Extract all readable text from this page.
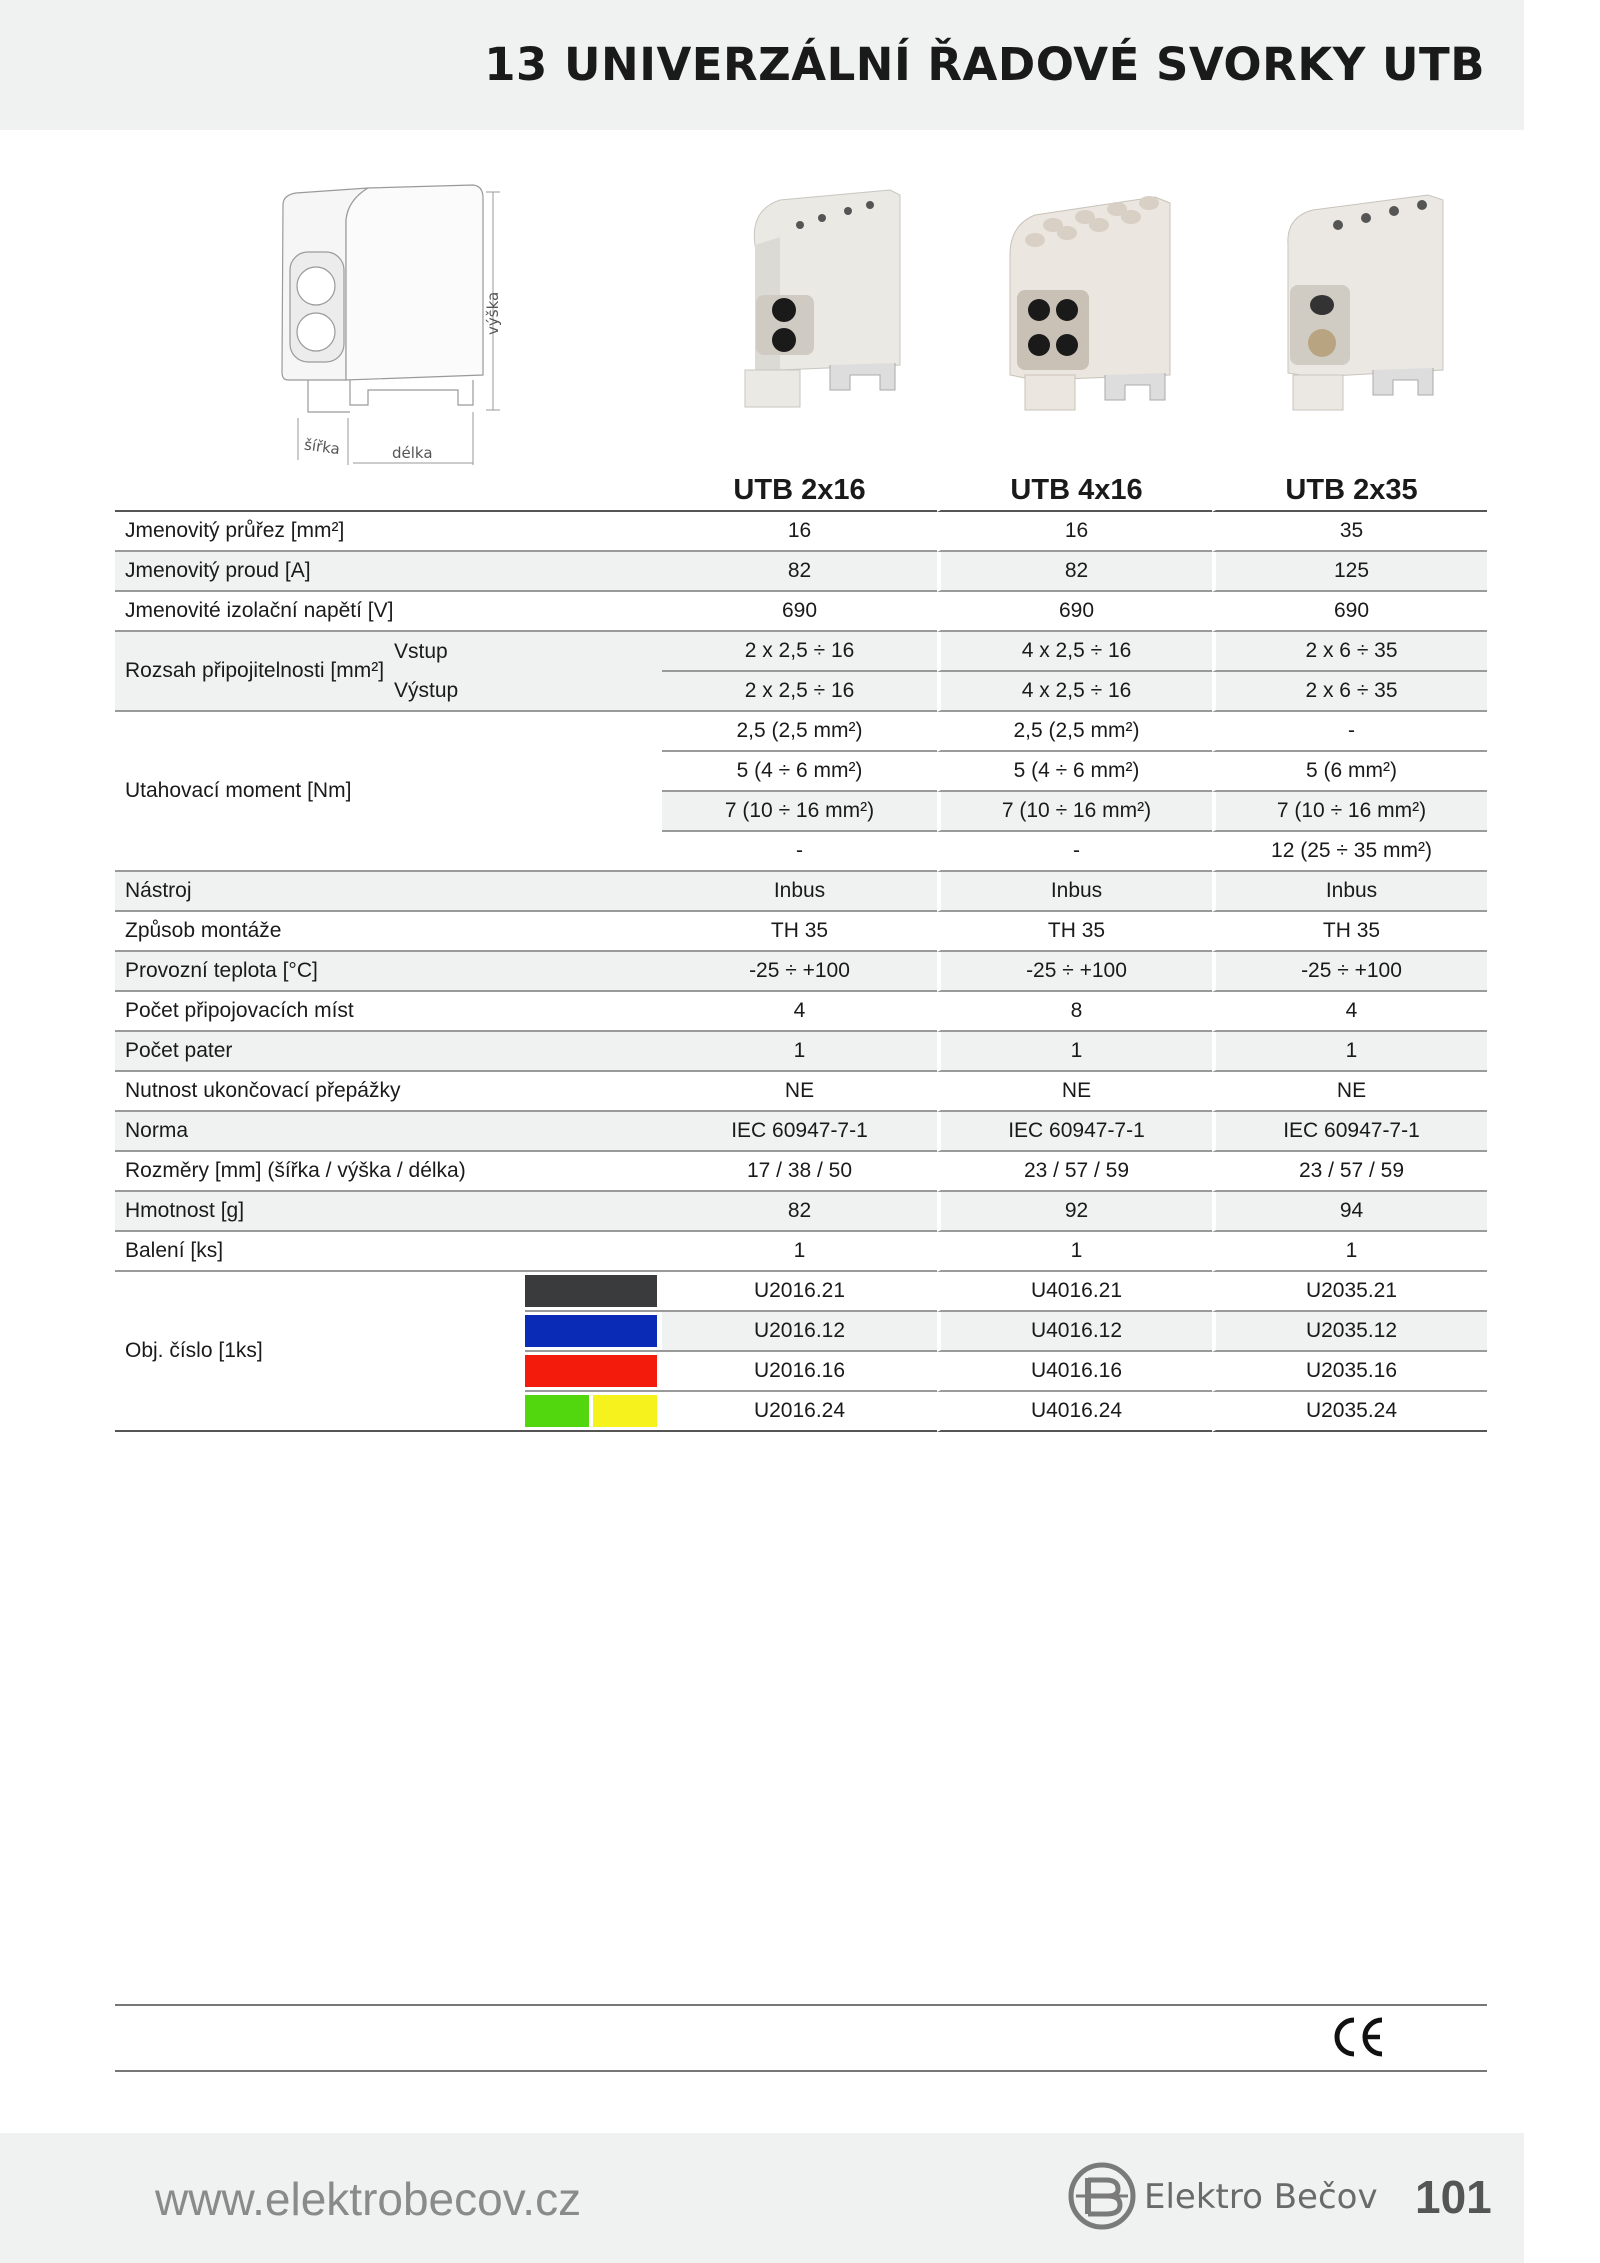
13 UNIVERZÁLNÍ ŘADOVÉ SVORKY UTB
výška
šířka	délka
			UTB 2x16	UTB 4x16	UTB 2x35
Jmenovitý průřez [mm²]			16	16	35
Jmenovitý proud [A]			82	82	125
Jmenovité izolační napětí [V]			690	690	690
Rozsah připojitelnosti [mm²]	Vstup		2 x 2,5 ÷ 16	4 x 2,5 ÷ 16	2 x 6 ÷ 35
	Výstup		2 x 2,5 ÷ 16	4 x 2,5 ÷ 16	2 x 6 ÷ 35
Utahovací moment [Nm]			2,5 (2,5 mm²)	2,5 (2,5 mm²)	-
			5 (4 ÷ 6 mm²)	5 (4 ÷ 6 mm²)	5 (6 mm²)
			7 (10 ÷ 16 mm²)	7 (10 ÷ 16 mm²)	7 (10 ÷ 16 mm²)
			-	-	12 (25 ÷ 35 mm²)
Nástroj			Inbus	Inbus	Inbus
Způsob montáže			TH 35	TH 35	TH 35
Provozní teplota [°C]			-25 ÷ +100	-25 ÷ +100	-25 ÷ +100
Počet připojovacích míst			4	8	4
Počet pater			1	1	1
Nutnost ukončovací přepážky			NE	NE	NE
Norma			IEC 60947-7-1	IEC 60947-7-1	IEC 60947-7-1
Rozměry [mm] (šířka / výška / délka)			17 / 38 / 50	23 / 57 / 59	23 / 57 / 59
Hmotnost [g]			82	92	94
Balení [ks]			1	1	1
Obj. číslo [1ks]			U2016.21	U4016.21	U2035.21
			U2016.12	U4016.12	U2035.12
			U2016.16	U4016.16	U2035.16
			U2016.24	U4016.24	U2035.24
www.elektrobecov.cz	Elektro Bečov 101
